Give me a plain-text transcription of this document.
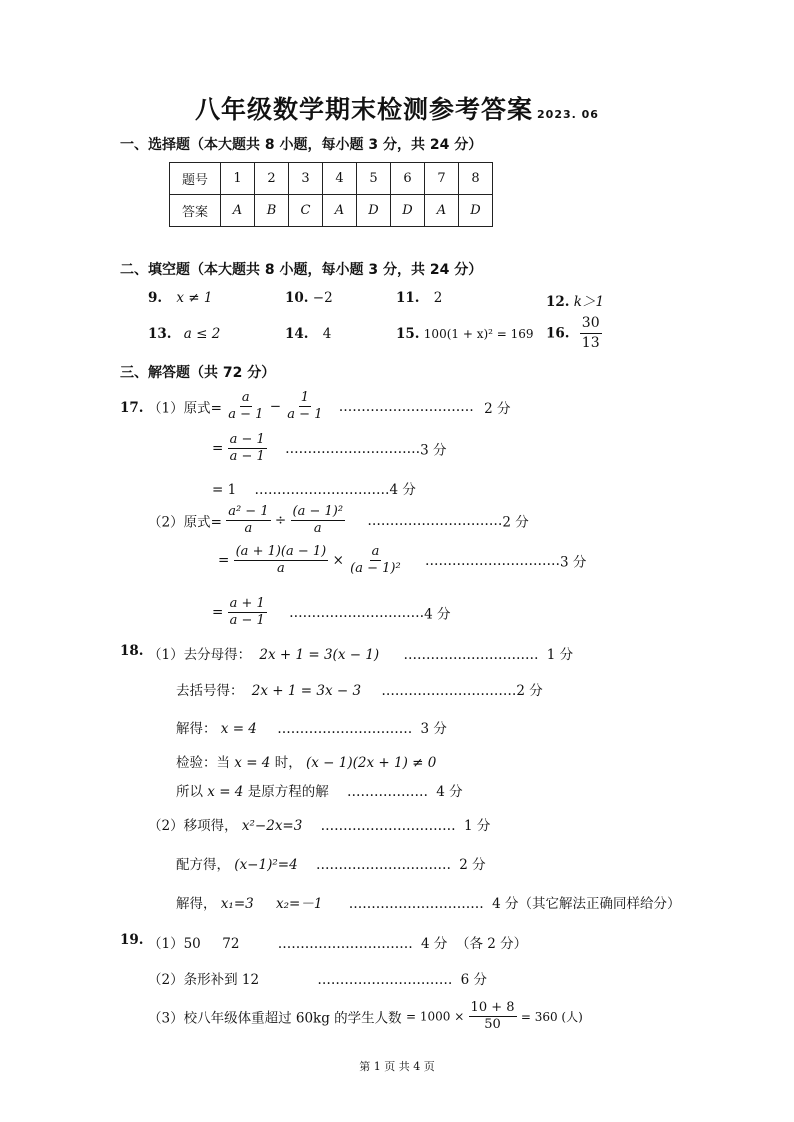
八年级数学期末检测参考答案 2023. 06
一、选择题（本大题共 8 小题，每小题 3 分，共 24 分）
题号	1	2	3	4	5	6	7	8
答案	A	B	C	A	D	D	A	D
二、填空题（本大题共 8 小题，每小题 3 分，共 24 分）
9. x ≠ 1	10. −2	11. 2	12. k＞1
13. a ≤ 2	14. 4	15. 100(1 + x)² = 169 16. $\frac{30}{13}$
三、解答题（共 72 分）
17. （1）原式= $\frac{a}{a - 1} - \frac{1}{a - 1}$ ………………………… 2 分
= $\frac{a - 1}{a - 1}$ …………………………3 分
= 1 …………………………4 分
（2）原式= $\frac{\text{a² − 1}}{a} \div \frac{\text{(a − 1)²}}{a}$ …………………………2 分
= $\frac{(a + 1)(a - 1)}{a} \times \frac{a}{\text{(a − 1)²}}$ …………………………3 分
= $\frac{a + 1}{a - 1}$ …………………………4 分
18. （1）去分母得： 2x + 1 = 3(x − 1) ………………………… 1 分
去括号得： 2x + 1 = 3x − 3 …………………………2 分
解得： x = 4 ………………………… 3 分
检验：当 x = 4 时， (x − 1)(2x + 1) ≠ 0
所以 x = 4 是原方程的解 ……………… 4 分
（2）移项得， x²−2x=3 ………………………… 1 分
配方得， (x−1)²=4 ………………………… 2 分
解得， x₁=3 x₂=－1 ………………………… 4 分（其它解法正确同样给分）
19. （1）50     72	………………………… 4 分  （各 2 分）
（2）条形补到 12	………………………… 6 分
（3）校八年级体重超过 60kg 的学生人数 = $1000 \times \frac{10 + 8}{50} = 360$ (人)
第 1 页 共 4 页
